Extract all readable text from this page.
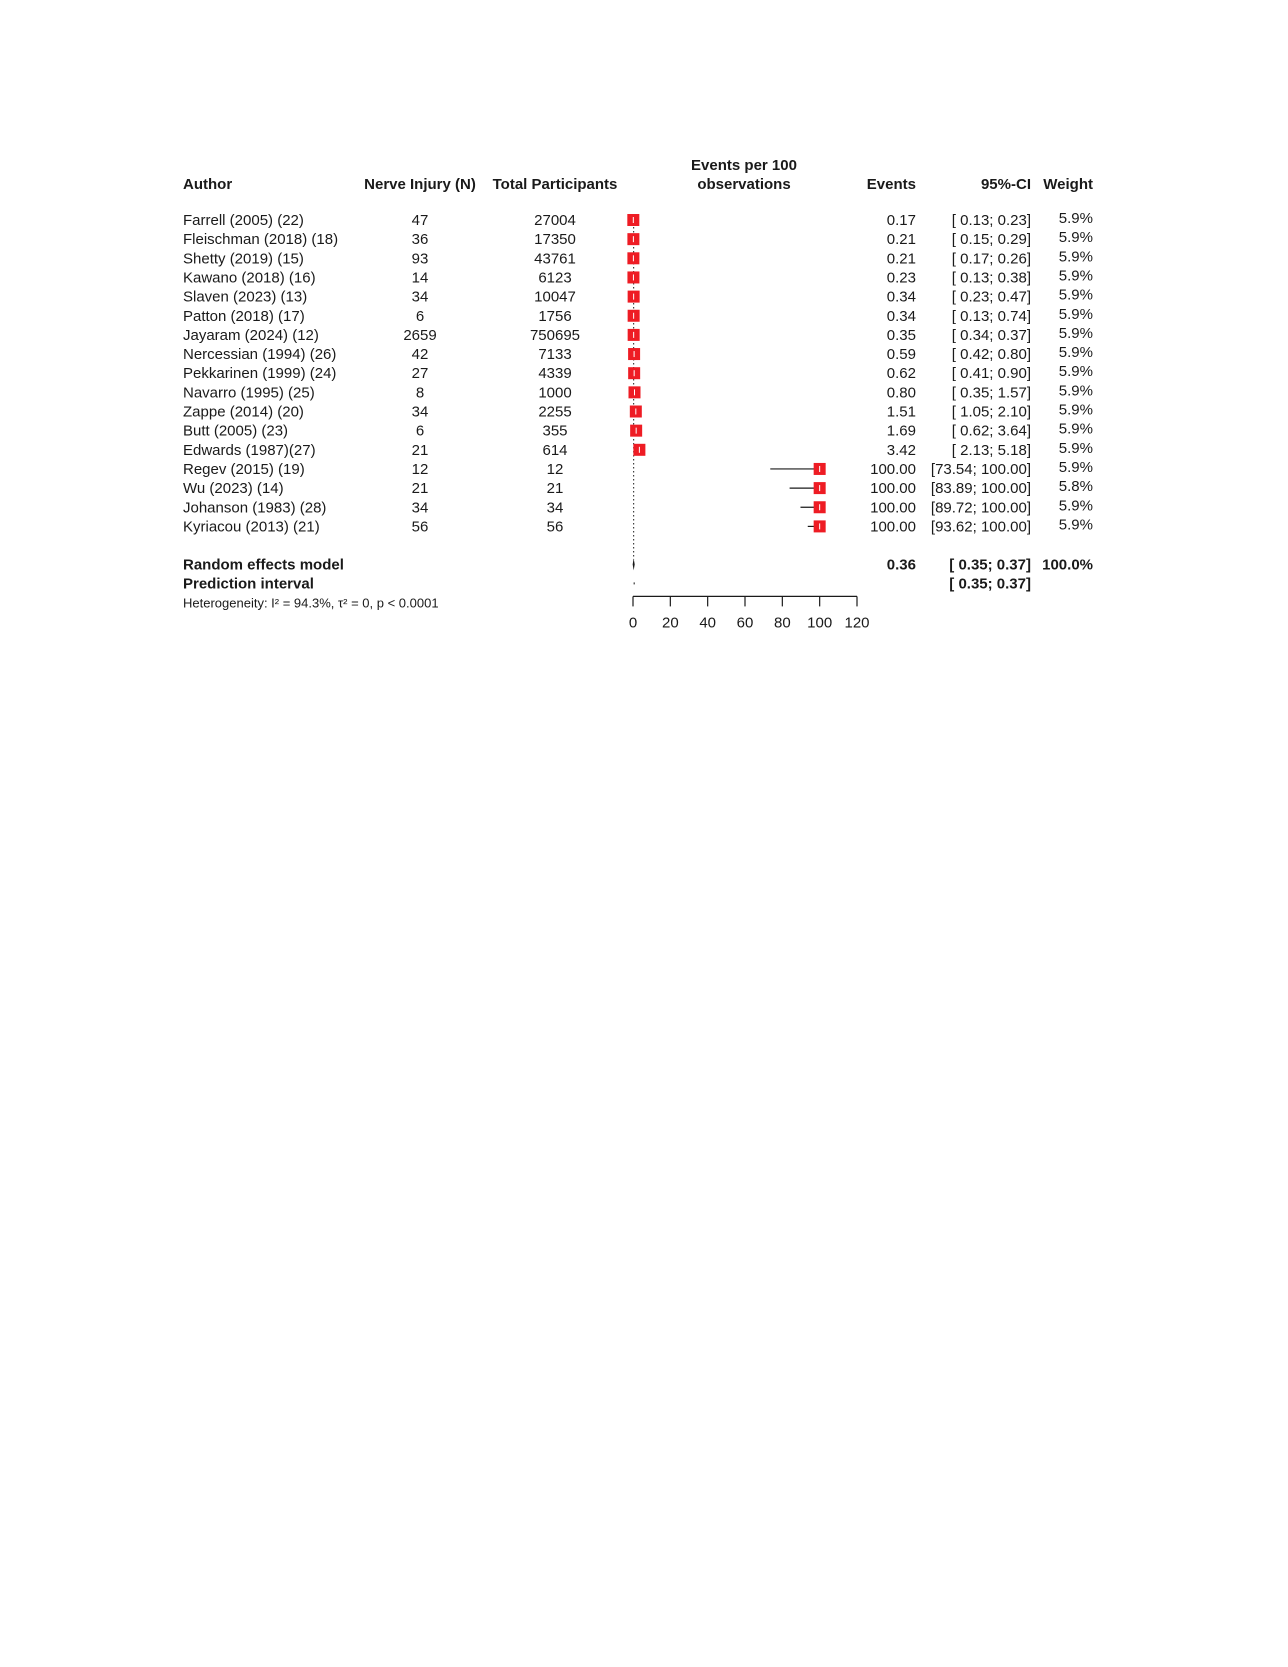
Author	Nerve Injury (N) Total Participants
Events per 100
observations	Events	95%-CI Weight
Farrell (2005) (22)	47	27004	0.17 [ 0.13; 0.23] 5.9%
Fleischman (2018) (18)	36	17350	0.21 [ 0.15; 0.29] 5.9%
Shetty (2019) (15)	93	43761	0.21 [ 0.17; 0.26] 5.9%
Kawano (2018) (16)	14	6123	0.23 [ 0.13; 0.38] 5.9%
Slaven (2023) (13)	34	10047	0.34 [ 0.23; 0.47] 5.9%
Patton (2018) (17)	6	1756	0.34 [ 0.13; 0.74] 5.9%
Jayaram (2024) (12)	2659	750695	0.35 [ 0.34; 0.37] 5.9%
Nercessian (1994) (26)	42	7133	0.59 [ 0.42; 0.80] 5.9%
Pekkarinen (1999) (24)	27	4339	0.62 [ 0.41; 0.90] 5.9%
Navarro (1995) (25)	8	1000	0.80 [ 0.35; 1.57] 5.9%
Zappe (2014) (20)	34	2255	1.51 [ 1.05; 2.10] 5.9%
Butt (2005) (23)	6	355	1.69 [ 0.62; 3.64] 5.9%
Edwards (1987)(27)	21	614	3.42 [ 2.13; 5.18] 5.9%
Regev (2015) (19)	12	12	100.00 [73.54; 100.00] 5.9%
Wu (2023) (14)	21	21	100.00 [83.89; 100.00] 5.8%
Johanson (1983) (28)	34	34	100.00 [89.72; 100.00] 5.9%
Kyriacou (2013) (21)	56	56	100.00 [93.62; 100.00] 5.9%
Random effects model	0.36 [ 0.35; 0.37] 100.0%
Prediction interval	[ 0.35; 0.37]
Heterogeneity: I² = 94.3%, τ² = 0, p < 0.0001
0 20 40 60 80 100 120
